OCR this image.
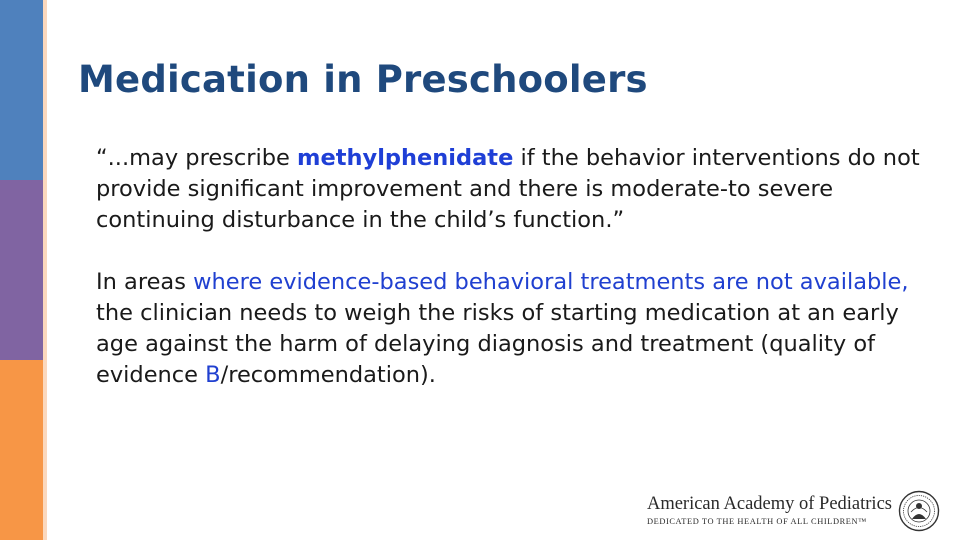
Medication in Preschoolers

“...may prescribe methylphenidate if the behavior interventions do not provide significant improvement and there is moderate-to severe continuing disturbance in the child’s function.”

In areas where evidence-based behavioral treatments are not available, the clinician needs to weigh the risks of starting medication at an early age against the harm of delaying diagnosis and treatment (quality of evidence B/recommendation).

American Academy of Pediatrics
DEDICATED TO THE HEALTH OF ALL CHILDREN™
